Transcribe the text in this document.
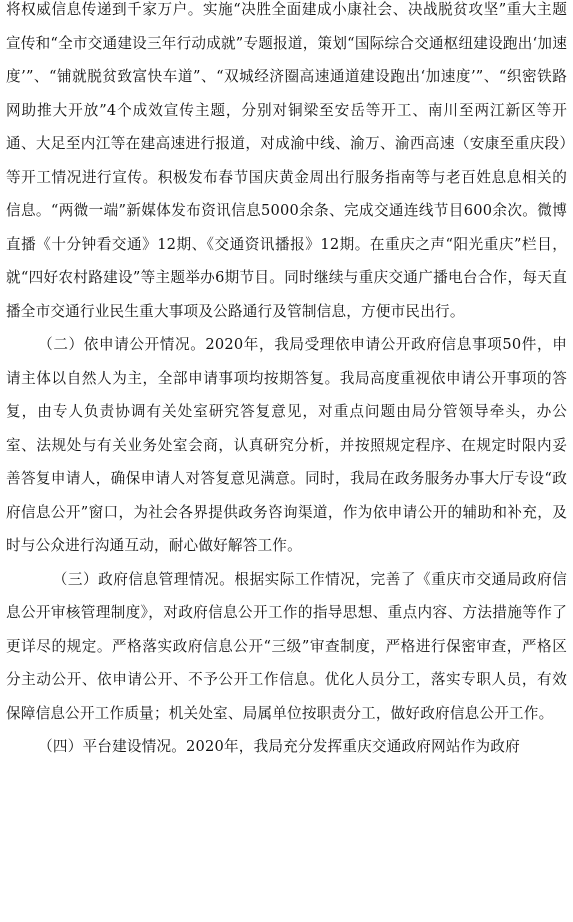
将权威信息传递到千家万户。实施“决胜全面建成小康社会、决战脱贫攻坚”重大主题宣传和“全市交通建设三年行动成就”专题报道，策划“国际综合交通枢纽建设跑出‘加速度’”、“铺就脱贫致富快车道”、“双城经济圈高速通道建设跑出‘加速度’”、“织密铁路网助推大开放”4个成效宣传主题，分别对铜梁至安岳等开工、南川至两江新区等开通、大足至内江等在建高速进行报道，对成渝中线、渝万、渝西高速（安康至重庆段）等开工情况进行宣传。积极发布春节国庆黄金周出行服务指南等与老百姓息息相关的信息。“两微一端”新媒体发布资讯信息5000余条、完成交通连线节目600余次。微博直播《十分钟看交通》12期、《交通资讯播报》12期。在重庆之声“阳光重庆”栏目，就“四好农村路建设”等主题举办6期节目。同时继续与重庆交通广播电台合作，每天直播全市交通行业民生重大事项及公路通行及管制信息，方便市民出行。

（二）依申请公开情况。2020年，我局受理依申请公开政府信息事项50件，申请主体以自然人为主，全部申请事项均按期答复。我局高度重视依申请公开事项的答复，由专人负责协调有关处室研究答复意见，对重点问题由局分管领导牵头，办公室、法规处与有关业务处室会商，认真研究分析，并按照规定程序、在规定时限内妥善答复申请人，确保申请人对答复意见满意。同时，我局在政务服务办事大厅专设“政府信息公开”窗口，为社会各界提供政务咨询渠道，作为依申请公开的辅助和补充，及时与公众进行沟通互动，耐心做好解答工作。

（三）政府信息管理情况。根据实际工作情况，完善了《重庆市交通局政府信息公开审核管理制度》，对政府信息公开工作的指导思想、重点内容、方法措施等作了更详尽的规定。严格落实政府信息公开“三级”审查制度，严格进行保密审查，严格区分主动公开、依申请公开、不予公开工作信息。优化人员分工，落实专职人员，有效保障信息公开工作质量；机关处室、局属单位按职责分工，做好政府信息公开工作。

（四）平台建设情况。2020年，我局充分发挥重庆交通政府网站作为政府
